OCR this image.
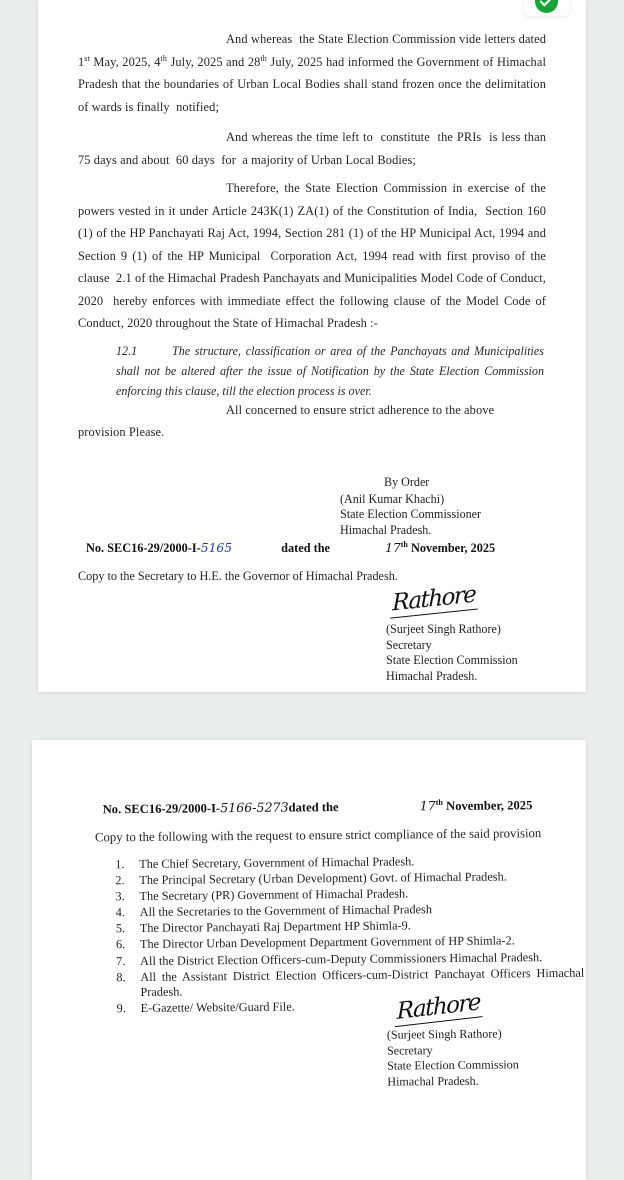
And whereas  the State Election Commission vide letters dated 1st May, 2025, 4th July, 2025 and 28th July, 2025 had informed the Government of Himachal Pradesh that the boundaries of Urban Local Bodies shall stand frozen once the delimitation of wards is finally  notified;
And whereas the time left to  constitute  the PRIs  is less than 75 days and about  60 days  for  a majority of Urban Local Bodies;
Therefore, the State Election Commission in exercise of the powers vested in it under Article 243K(1) ZA(1) of the Constitution of India,  Section 160 (1) of the HP Panchayati Raj Act, 1994, Section 281 (1) of the HP Municipal Act, 1994 and Section 9 (1) of the HP Municipal  Corporation Act, 1994 read with first proviso of the clause  2.1 of the Himachal Pradesh Panchayats and Municipalities Model Code of Conduct, 2020  hereby enforces with immediate effect the following clause of the Model Code of Conduct, 2020 throughout the State of Himachal Pradesh :-
12.1	The structure, classification or area of the Panchayats and Municipalities shall not be altered after the issue of Notification by the State Election Commission enforcing this clause, till the election process is over.
All concerned to ensure strict adherence to the above
provision Please.
By Order
(Anil Kumar Khachi)
State Election Commissioner
Himachal Pradesh.
No. SEC16-29/2000-I-5165	dated the	17th November, 2025
Copy to the Secretary to H.E. the Governor of Himachal Pradesh.
Rathore
(Surjeet Singh Rathore)
Secretary
State Election Commission
Himachal Pradesh.
No. SEC16-29/2000-I-5166-5273dated the	17th November, 2025
Copy to the following with the request to ensure strict compliance of the said provision
1. The Chief Secretary, Government of Himachal Pradesh.
2. The Principal Secretary (Urban Development) Govt. of Himachal Pradesh.
3. The Secretary (PR) Government of Himachal Pradesh.
4. All the Secretaries to the Government of Himachal Pradesh
5. The Director Panchayati Raj Department HP Shimla-9.
6. The Director Urban Development Department Government of HP Shimla-2.
7. All the District Election Officers-cum-Deputy Commissioners Himachal Pradesh.
8. All the Assistant District Election Officers-cum-District Panchayat Officers Himachal Pradesh.
9. E-Gazette/ Website/Guard File.	Rathore
(Surjeet Singh Rathore)
Secretary
State Election Commission
Himachal Pradesh.
